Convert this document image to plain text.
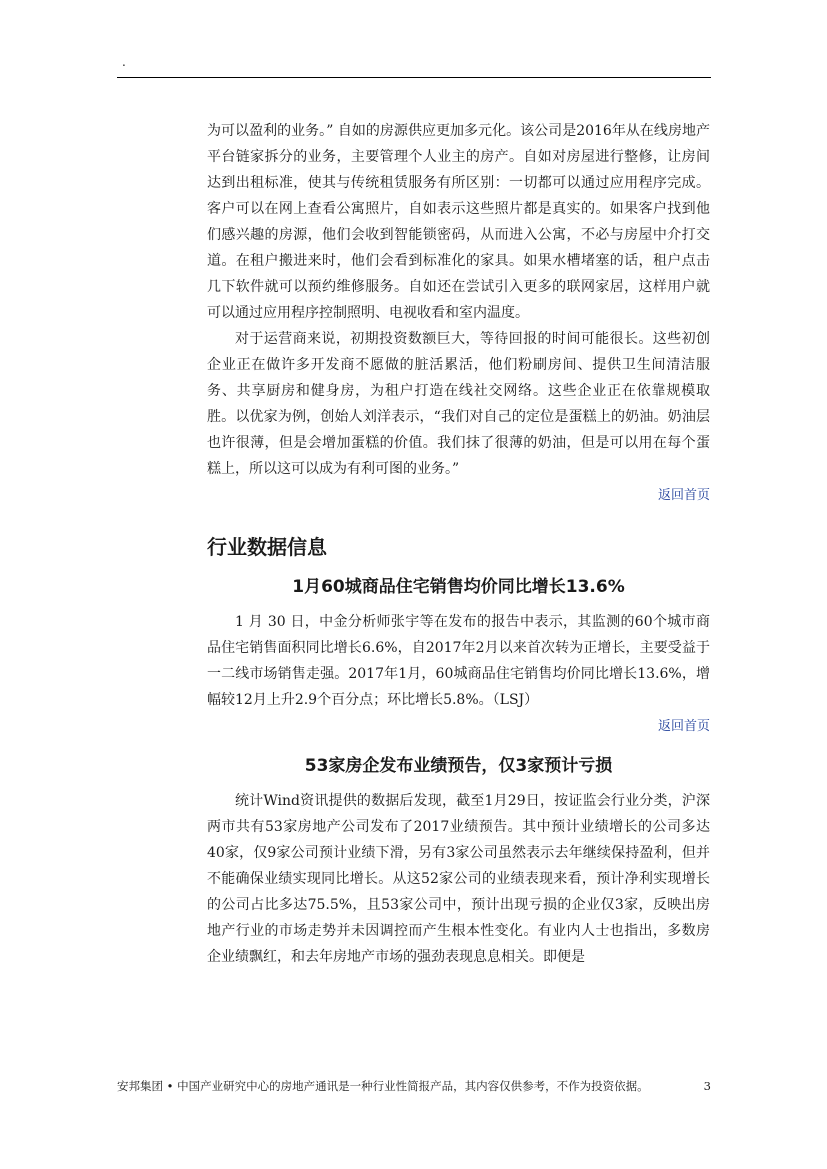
.

为可以盈利的业务。” 自如的房源供应更加多元化。该公司是2016年从在线房地产平台链家拆分的业务，主要管理个人业主的房产。自如对房屋进行整修，让房间达到出租标准，使其与传统租赁服务有所区别：一切都可以通过应用程序完成。客户可以在网上查看公寓照片，自如表示这些照片都是真实的。如果客户找到他们感兴趣的房源，他们会收到智能锁密码，从而进入公寓，不必与房屋中介打交道。在租户搬进来时，他们会看到标准化的家具。如果水槽堵塞的话，租户点击几下软件就可以预约维修服务。自如还在尝试引入更多的联网家居，这样用户就可以通过应用程序控制照明、电视收看和室内温度。

对于运营商来说，初期投资数额巨大，等待回报的时间可能很长。这些初创企业正在做许多开发商不愿做的脏活累活，他们粉刷房间、提供卫生间清洁服务、共享厨房和健身房，为租户打造在线社交网络。这些企业正在依靠规模取胜。以优家为例，创始人刘洋表示，“我们对自己的定位是蛋糕上的奶油。奶油层也许很薄，但是会增加蛋糕的价值。我们抹了很薄的奶油，但是可以用在每个蛋糕上，所以这可以成为有利可图的业务。”

返回首页
行业数据信息
1月60城商品住宅销售均价同比增长13.6%

1 月 30 日，中金分析师张宇等在发布的报告中表示，其监测的60个城市商品住宅销售面积同比增长6.6%，自2017年2月以来首次转为正增长，主要受益于一二线市场销售走强。2017年1月，60城商品住宅销售均价同比增长13.6%，增幅较12月上升2.9个百分点；环比增长5.8%。（LSJ）

返回首页
53家房企发布业绩预告，仅3家预计亏损

统计Wind资讯提供的数据后发现，截至1月29日，按证监会行业分类，沪深两市共有53家房地产公司发布了2017业绩预告。其中预计业绩增长的公司多达40家，仅9家公司预计业绩下滑，另有3家公司虽然表示去年继续保持盈利，但并不能确保业绩实现同比增长。从这52家公司的业绩表现来看，预计净利实现增长的公司占比多达75.5%，且53家公司中，预计出现亏损的企业仅3家，反映出房地产行业的市场走势并未因调控而产生根本性变化。有业内人士也指出，多数房企业绩飘红，和去年房地产市场的强劲表现息息相关。即便是

安邦集团 • 中国产业研究中心的房地产通讯是一种行业性简报产品，其内容仅供参考，不作为投资依据。	3
